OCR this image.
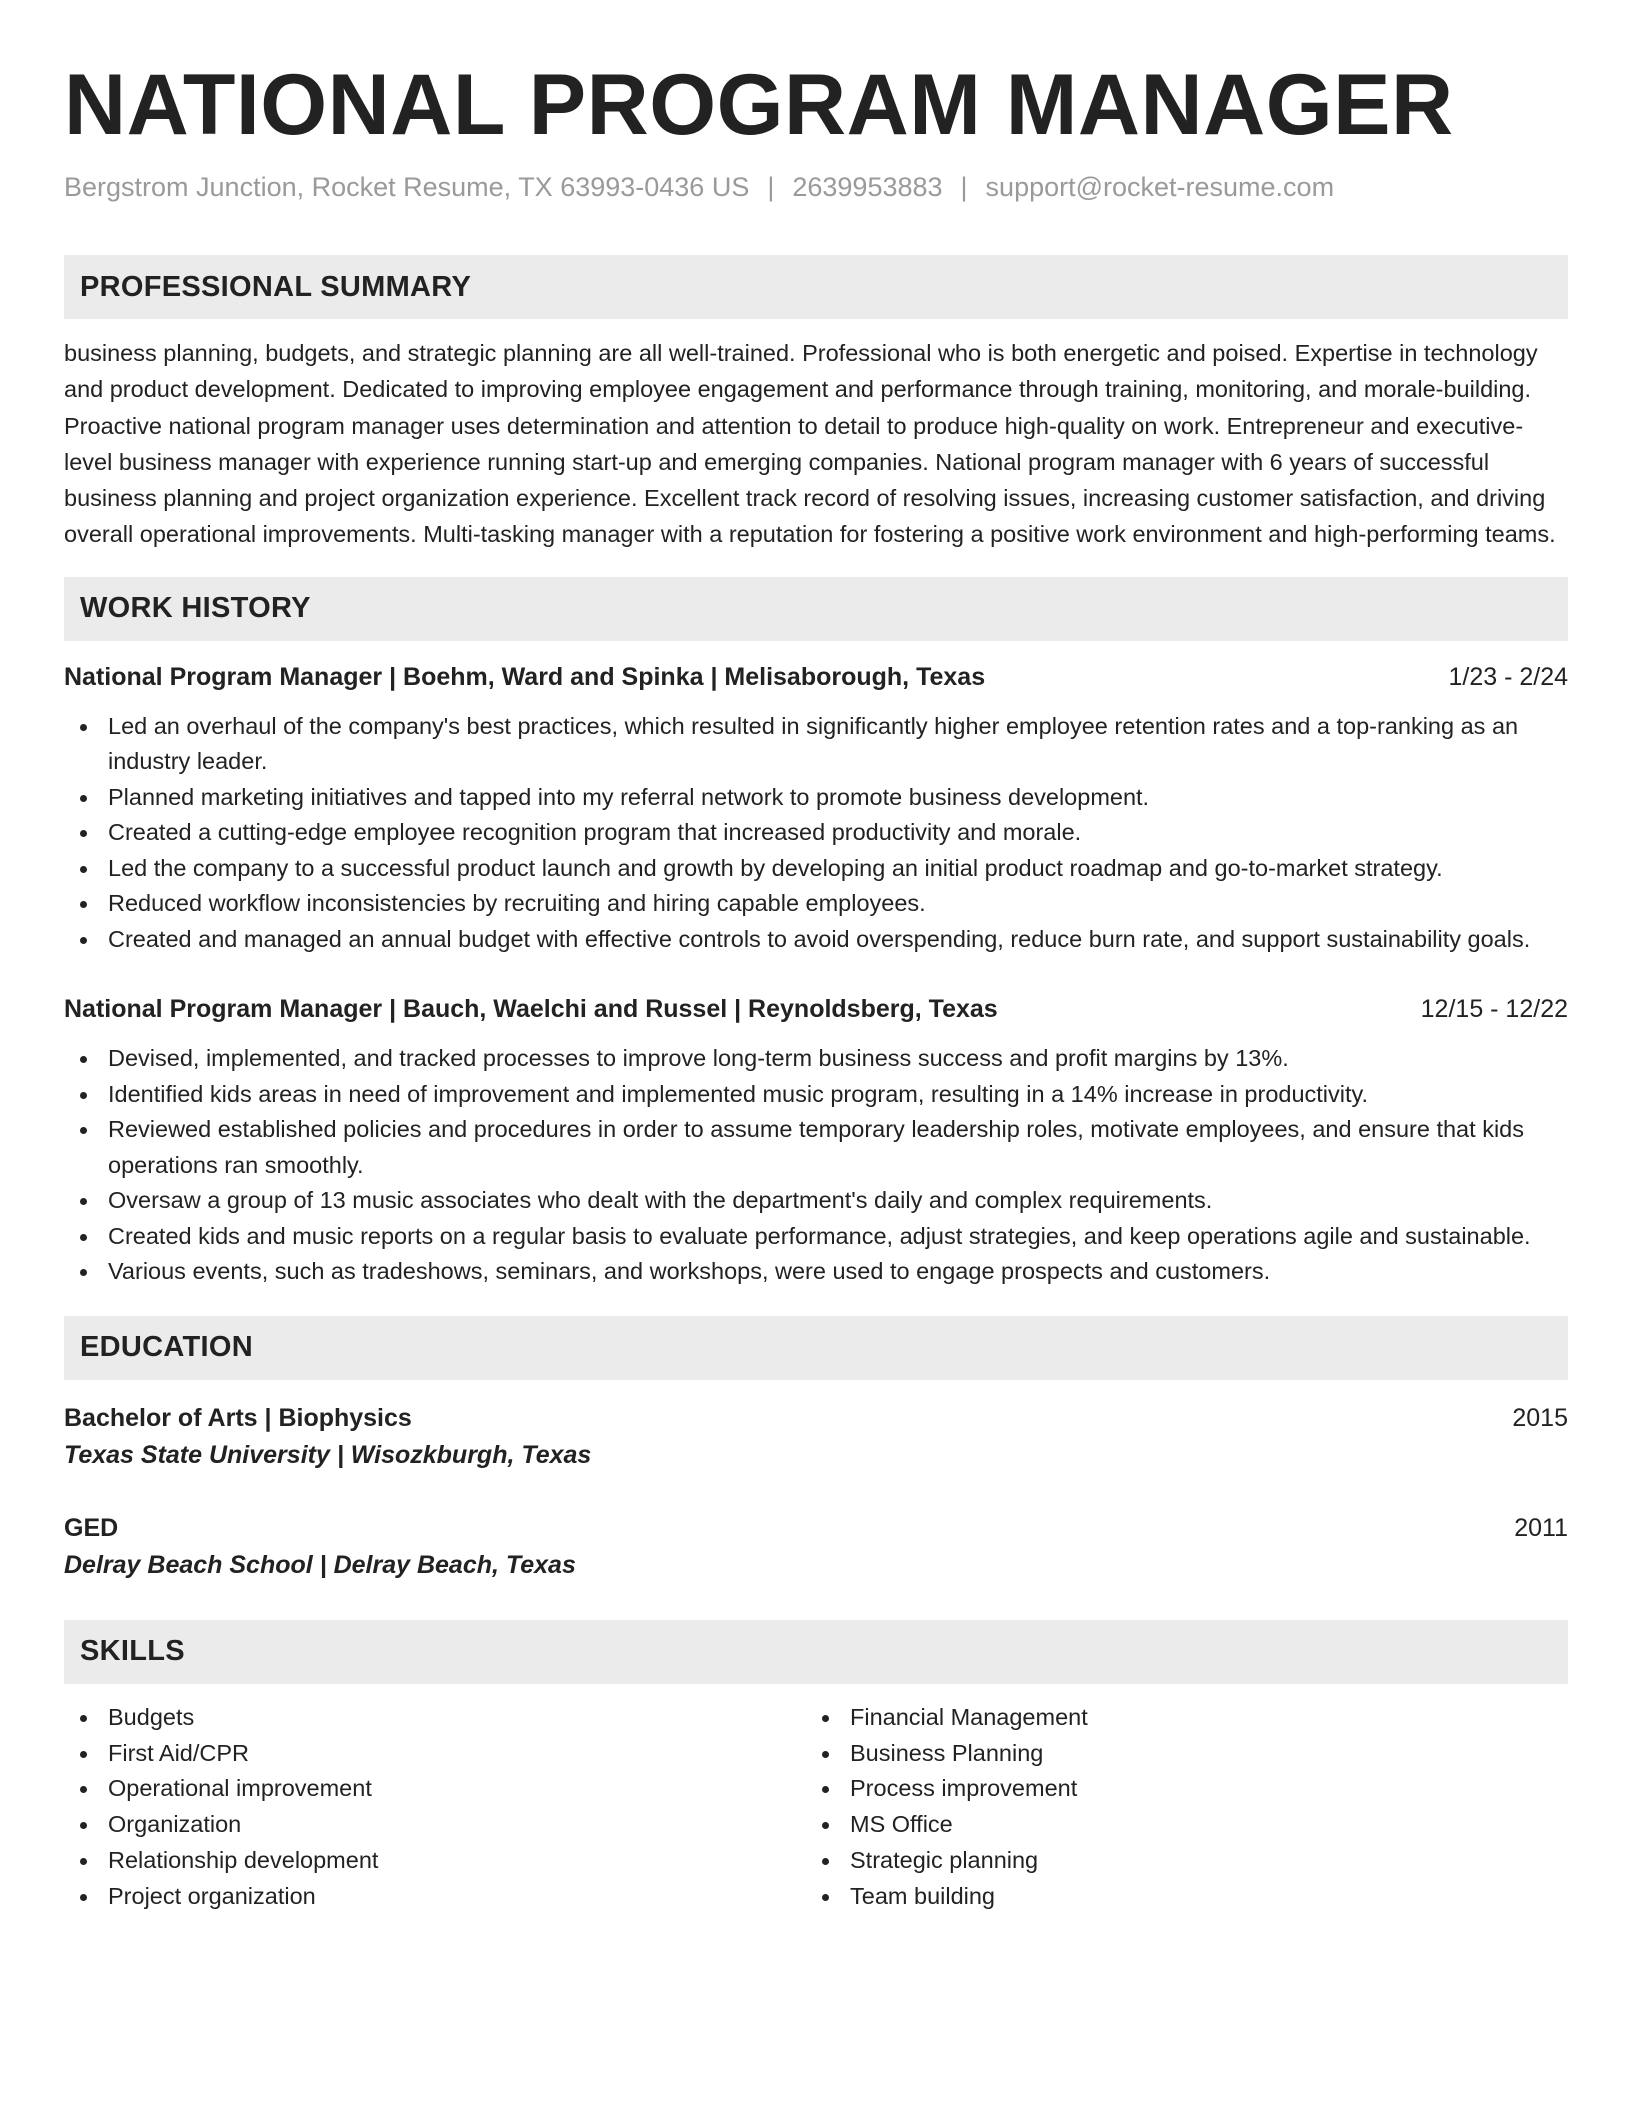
NATIONAL PROGRAM MANAGER
Bergstrom Junction, Rocket Resume, TX 63993-0436 US | 2639953883 | support@rocket-resume.com
PROFESSIONAL SUMMARY
business planning, budgets, and strategic planning are all well-trained. Professional who is both energetic and poised. Expertise in technology and product development. Dedicated to improving employee engagement and performance through training, monitoring, and morale-building. Proactive national program manager uses determination and attention to detail to produce high-quality on work. Entrepreneur and executive-level business manager with experience running start-up and emerging companies. National program manager with 6 years of successful business planning and project organization experience. Excellent track record of resolving issues, increasing customer satisfaction, and driving overall operational improvements. Multi-tasking manager with a reputation for fostering a positive work environment and high-performing teams.
WORK HISTORY
National Program Manager | Boehm, Ward and Spinka | Melisaborough, Texas	1/23 - 2/24
Led an overhaul of the company's best practices, which resulted in significantly higher employee retention rates and a top-ranking as an industry leader.
Planned marketing initiatives and tapped into my referral network to promote business development.
Created a cutting-edge employee recognition program that increased productivity and morale.
Led the company to a successful product launch and growth by developing an initial product roadmap and go-to-market strategy.
Reduced workflow inconsistencies by recruiting and hiring capable employees.
Created and managed an annual budget with effective controls to avoid overspending, reduce burn rate, and support sustainability goals.
National Program Manager | Bauch, Waelchi and Russel | Reynoldsberg, Texas	12/15 - 12/22
Devised, implemented, and tracked processes to improve long-term business success and profit margins by 13%.
Identified kids areas in need of improvement and implemented music program, resulting in a 14% increase in productivity.
Reviewed established policies and procedures in order to assume temporary leadership roles, motivate employees, and ensure that kids operations ran smoothly.
Oversaw a group of 13 music associates who dealt with the department's daily and complex requirements.
Created kids and music reports on a regular basis to evaluate performance, adjust strategies, and keep operations agile and sustainable.
Various events, such as tradeshows, seminars, and workshops, were used to engage prospects and customers.
EDUCATION
Bachelor of Arts | Biophysics	2015
Texas State University | Wisozkburgh, Texas
GED	2011
Delray Beach School | Delray Beach, Texas
SKILLS
Budgets
First Aid/CPR
Operational improvement
Organization
Relationship development
Project organization
Financial Management
Business Planning
Process improvement
MS Office
Strategic planning
Team building
